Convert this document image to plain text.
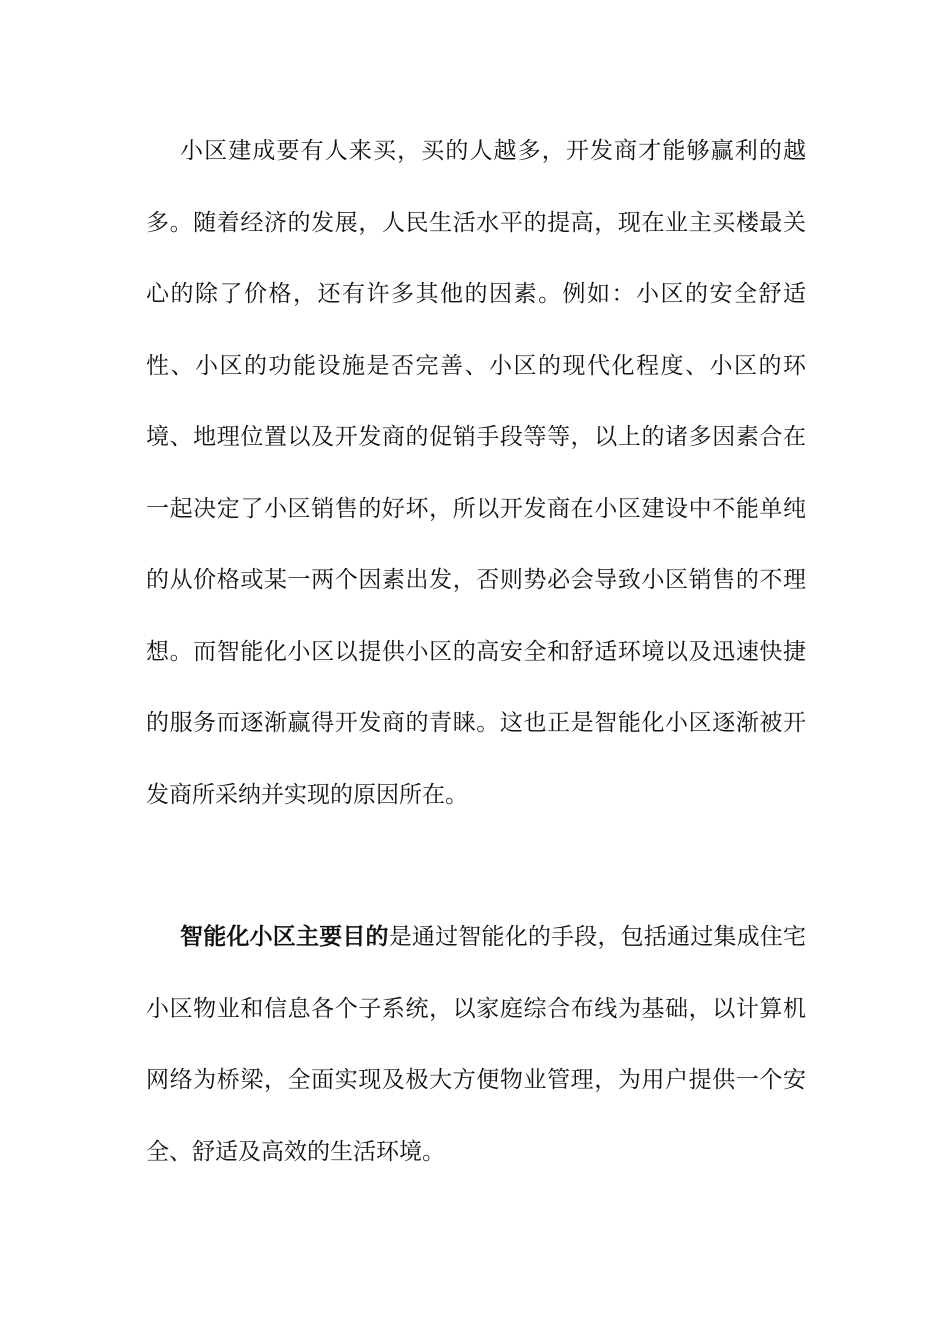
小区建成要有人来买，买的人越多，开发商才能够赢利的越多。随着经济的发展，人民生活水平的提高，现在业主买楼最关心的除了价格，还有许多其他的因素。例如：小区的安全舒适性、小区的功能设施是否完善、小区的现代化程度、小区的环境、地理位置以及开发商的促销手段等等，以上的诸多因素合在一起决定了小区销售的好坏，所以开发商在小区建设中不能单纯的从价格或某一两个因素出发，否则势必会导致小区销售的不理想。而智能化小区以提供小区的高安全和舒适环境以及迅速快捷的服务而逐渐赢得开发商的青睐。这也正是智能化小区逐渐被开发商所采纳并实现的原因所在。

智能化小区主要目的是通过智能化的手段，包括通过集成住宅小区物业和信息各个子系统，以家庭综合布线为基础，以计算机网络为桥梁，全面实现及极大方便物业管理，为用户提供一个安全、舒适及高效的生活环境。
